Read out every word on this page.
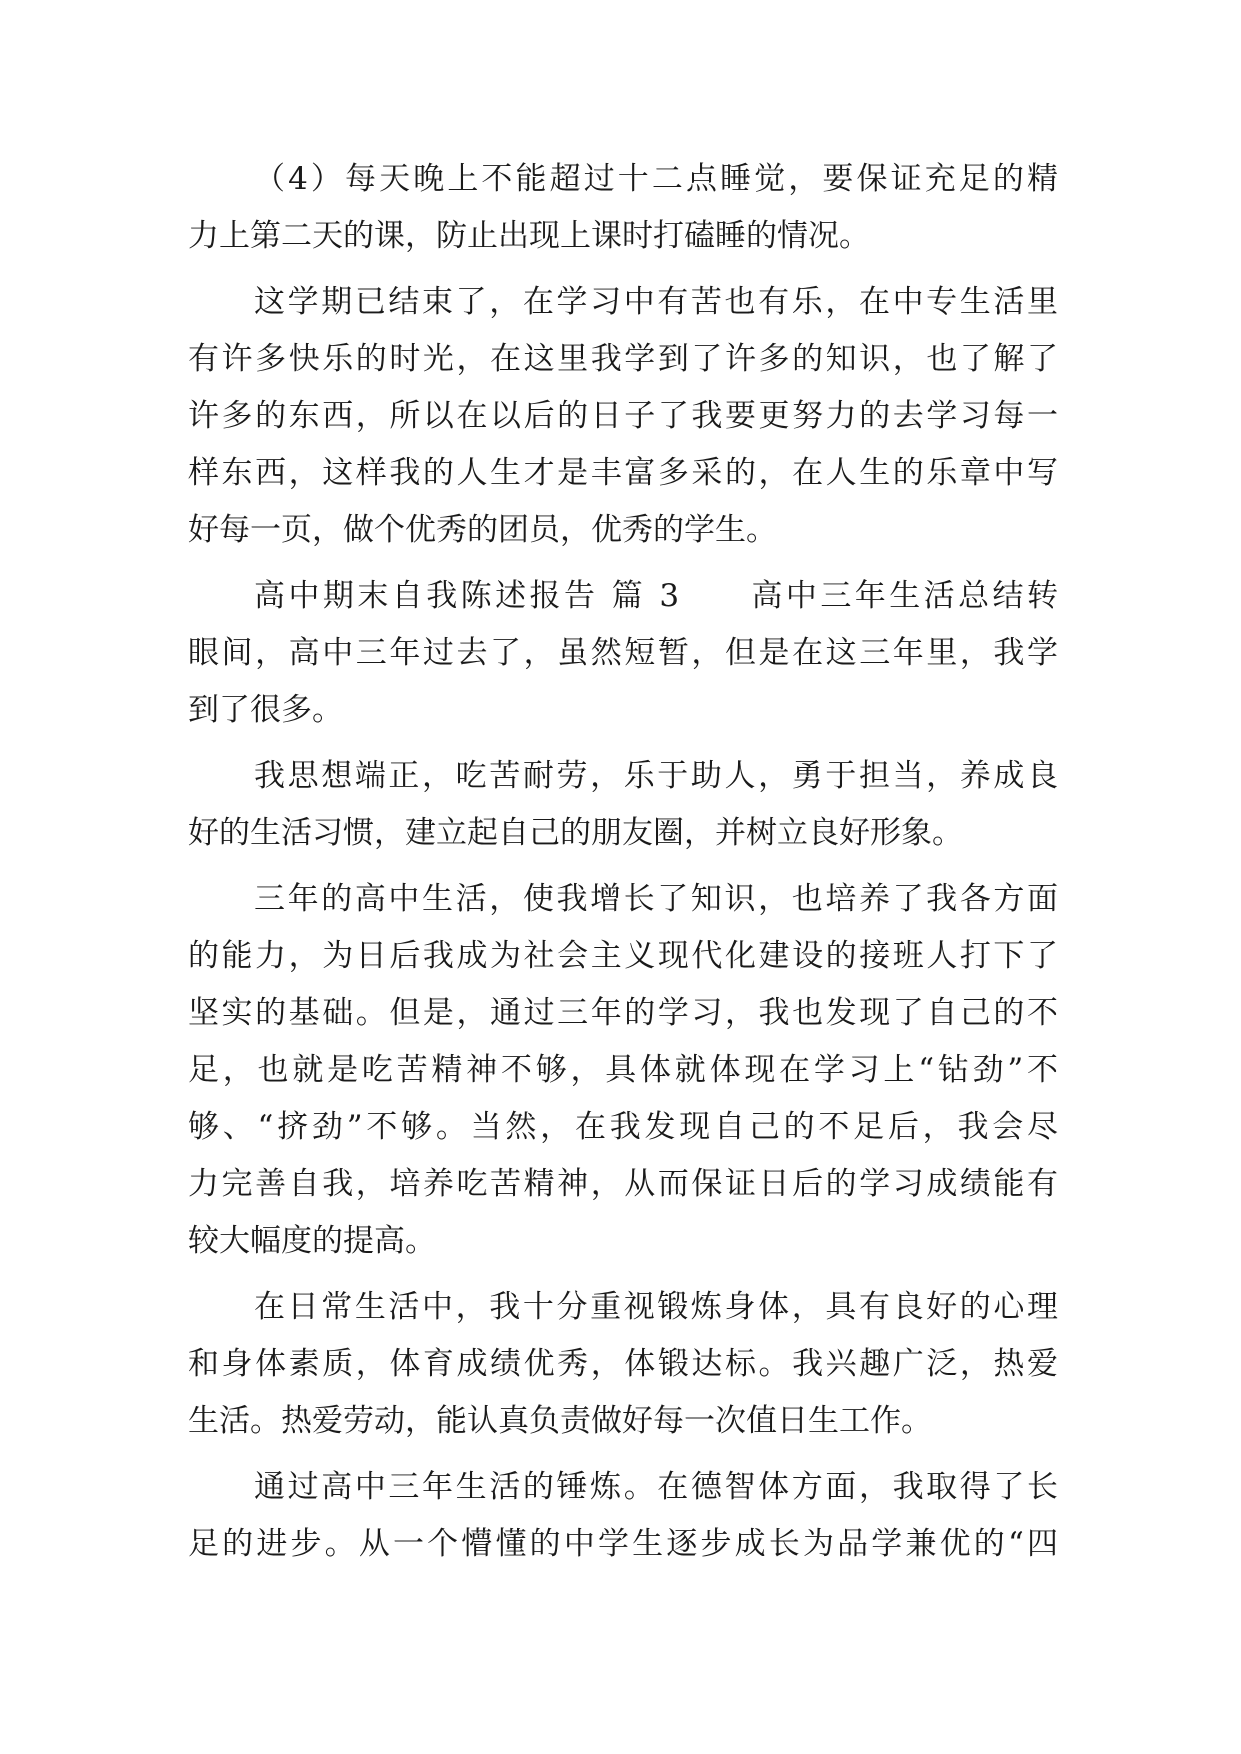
（4）每天晚上不能超过十二点睡觉，要保证充足的精
力上第二天的课，防止出现上课时打磕睡的情况。
这学期已结束了，在学习中有苦也有乐，在中专生活里
有许多快乐的时光，在这里我学到了许多的知识，也了解了
许多的东西，所以在以后的日子了我要更努力的去学习每一
样东西，这样我的人生才是丰富多采的，在人生的乐章中写
好每一页，做个优秀的团员，优秀的学生。
高中期末自我陈述报告 篇 3　　高中三年生活总结转
眼间，高中三年过去了，虽然短暂，但是在这三年里，我学
到了很多。
我思想端正，吃苦耐劳，乐于助人，勇于担当，养成良
好的生活习惯，建立起自己的朋友圈，并树立良好形象。
三年的高中生活，使我增长了知识，也培养了我各方面
的能力，为日后我成为社会主义现代化建设的接班人打下了
坚实的基础。但是，通过三年的学习，我也发现了自己的不
足，也就是吃苦精神不够，具体就体现在学习上“钻劲”不
够、“挤劲”不够。当然，在我发现自己的不足后，我会尽
力完善自我，培养吃苦精神，从而保证日后的学习成绩能有
较大幅度的提高。
在日常生活中，我十分重视锻炼身体，具有良好的心理
和身体素质，体育成绩优秀，体锻达标。我兴趣广泛，热爱
生活。热爱劳动，能认真负责做好每一次值日生工作。
通过高中三年生活的锤炼。在德智体方面，我取得了长
足的进步。从一个懵懂的中学生逐步成长为品学兼优的“四
